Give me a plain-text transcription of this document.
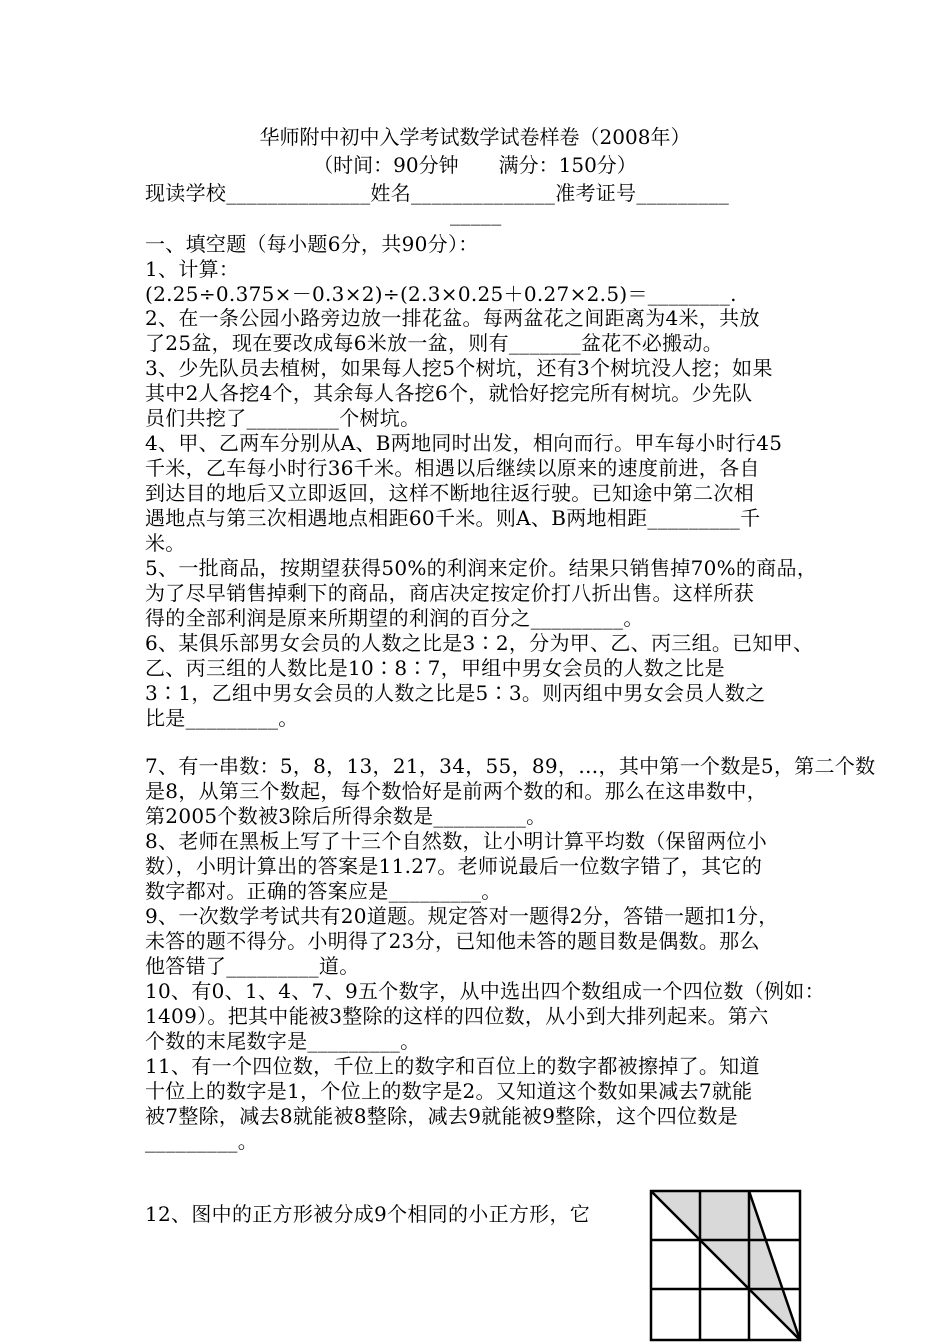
华师附中初中入学考试数学试卷样卷（2008年）
（时间：90分钟　　满分：150分）
现读学校______________姓名______________准考证号_________
_____
一、填空题（每小题6分，共90分）：
1、计算：
(2.25÷0.375×－0.3×2)÷(2.3×0.25＋0.27×2.5)＝________.
2、在一条公园小路旁边放一排花盆。每两盆花之间距离为4米，共放
了25盆，现在要改成每6米放一盆，则有_______盆花不必搬动。
3、少先队员去植树，如果每人挖5个树坑，还有3个树坑没人挖；如果
其中2人各挖4个，其余每人各挖6个，就恰好挖完所有树坑。少先队
员们共挖了_________个树坑。
4、甲、乙两车分别从A、B两地同时出发，相向而行。甲车每小时行45
千米，乙车每小时行36千米。相遇以后继续以原来的速度前进，各自
到达目的地后又立即返回，这样不断地往返行驶。已知途中第二次相
遇地点与第三次相遇地点相距60千米。则A、B两地相距_________千
米。
5、一批商品，按期望获得50%的利润来定价。结果只销售掉70%的商品，
为了尽早销售掉剩下的商品，商店决定按定价打八折出售。这样所获
得的全部利润是原来所期望的利润的百分之_________。
6、某俱乐部男女会员的人数之比是3∶2，分为甲、乙、丙三组。已知甲、
乙、丙三组的人数比是10∶8∶7，甲组中男女会员的人数之比是
3∶1，乙组中男女会员的人数之比是5∶3。则丙组中男女会员人数之
比是_________。
7、有一串数：5，8，13，21，34，55，89，…，其中第一个数是5，第二个数
是8，从第三个数起，每个数恰好是前两个数的和。那么在这串数中，
第2005个数被3除后所得余数是_________。
8、老师在黑板上写了十三个自然数，让小明计算平均数（保留两位小
数），小明计算出的答案是11.27。老师说最后一位数字错了，其它的
数字都对。正确的答案应是_________。
9、一次数学考试共有20道题。规定答对一题得2分，答错一题扣1分，
未答的题不得分。小明得了23分，已知他未答的题目数是偶数。那么
他答错了_________道。
10、有0、1、4、7、9五个数字，从中选出四个数组成一个四位数（例如：
1409）。把其中能被3整除的这样的四位数，从小到大排列起来。第六
个数的末尾数字是_________。
11、有一个四位数，千位上的数字和百位上的数字都被擦掉了。知道
十位上的数字是1，个位上的数字是2。又知道这个数如果减去7就能
被7整除，减去8就能被8整除，减去9就能被9整除，这个四位数是
_________。
12、图中的正方形被分成9个相同的小正方形，它
